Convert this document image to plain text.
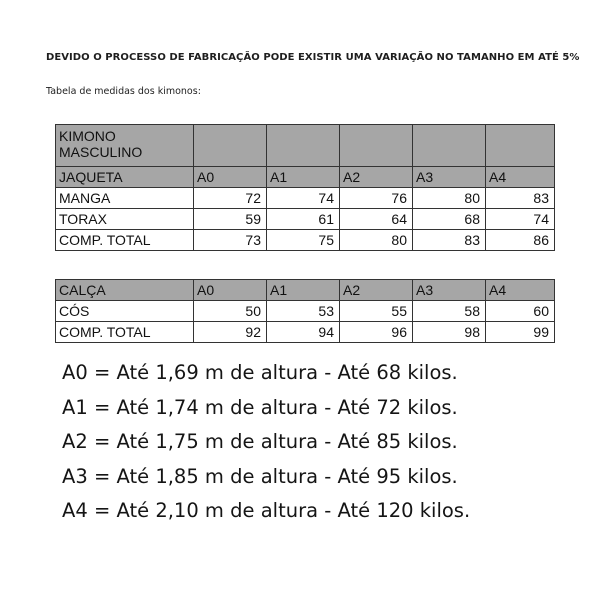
DEVIDO O PROCESSO DE FABRICAÇÃO PODE EXISTIR UMA VARIAÇÃO NO TAMANHO EM ATÉ 5%
Tabela de medidas dos kimonos:
KIMONO MASCULINO					
JAQUETA	A0	A1	A2	A3	A4
MANGA	72	74	76	80	83
TORAX	59	61	64	68	74
COMP. TOTAL	73	75	80	83	86
CALÇA	A0	A1	A2	A3	A4
CÓS	50	53	55	58	60
COMP. TOTAL	92	94	96	98	99
A0 = Até 1,69 m de altura - Até 68 kilos.
A1 = Até 1,74 m de altura - Até 72 kilos.
A2 = Até 1,75 m de altura - Até 85 kilos.
A3 = Até 1,85 m de altura - Até 95 kilos.
A4 = Até 2,10 m de altura - Até 120 kilos.
